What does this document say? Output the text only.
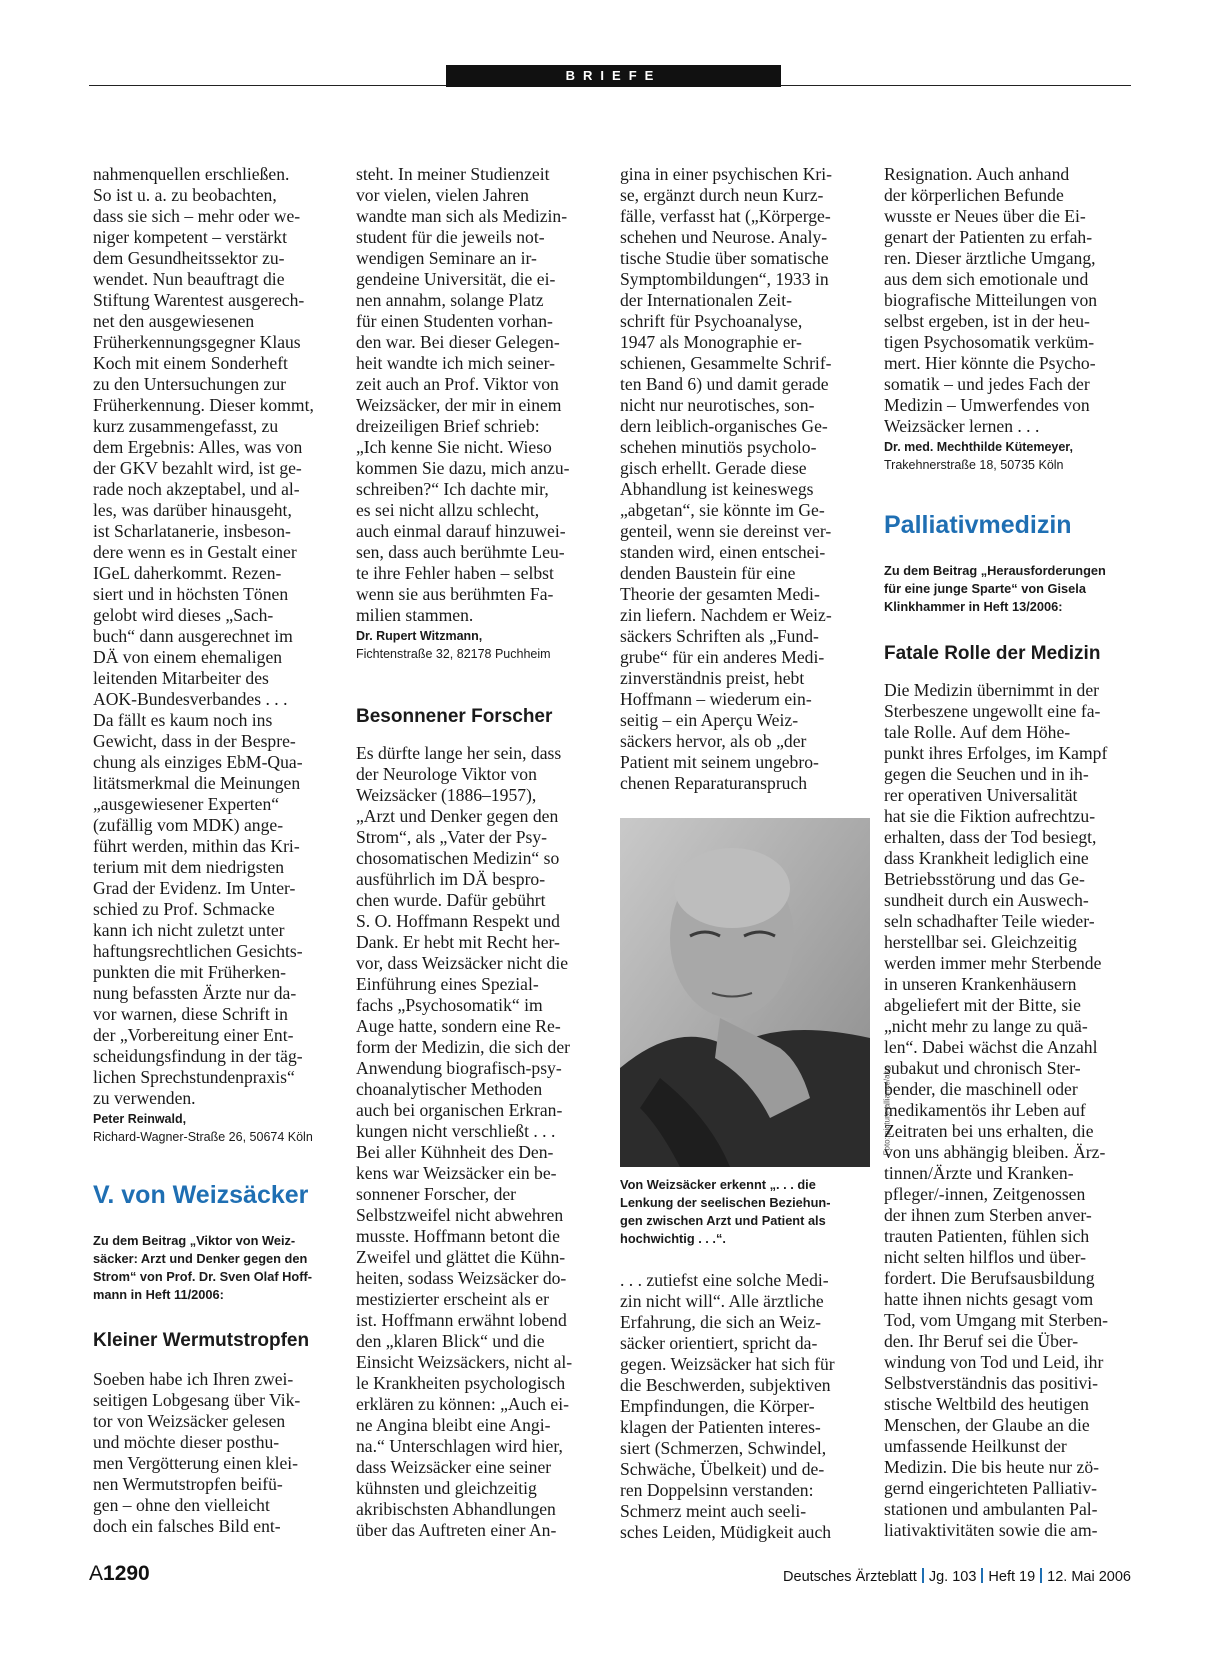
BRIEFE

nahmenquellen erschließen.
So ist u. a. zu beobachten,
dass sie sich – mehr oder we-
niger kompetent – verstärkt
dem Gesundheitssektor zu-
wendet. Nun beauftragt die
Stiftung Warentest ausgerech-
net den ausgewiesenen
Früherkennungsgegner Klaus
Koch mit einem Sonderheft
zu den Untersuchungen zur
Früherkennung. Dieser kommt,
kurz zusammengefasst, zu
dem Ergebnis: Alles, was von
der GKV bezahlt wird, ist ge-
rade noch akzeptabel, und al-
les, was darüber hinausgeht,
ist Scharlatanerie, insbeson-
dere wenn es in Gestalt einer
IGeL daherkommt. Rezen-
siert und in höchsten Tönen
gelobt wird dieses „Sach-
buch“ dann ausgerechnet im
DÄ von einem ehemaligen
leitenden Mitarbeiter des
AOK-Bundesverbandes . . .
Da fällt es kaum noch ins
Gewicht, dass in der Bespre-
chung als einziges EbM-Qua-
litätsmerkmal die Meinungen
„ausgewiesener Experten“
(zufällig vom MDK) ange-
führt werden, mithin das Kri-
terium mit dem niedrigsten
Grad der Evidenz. Im Unter-
schied zu Prof. Schmacke
kann ich nicht zuletzt unter
haftungsrechtlichen Gesichts-
punkten die mit Früherken-
nung befassten Ärzte nur da-
vor warnen, diese Schrift in
der „Vorbereitung einer Ent-
scheidungsfindung in der täg-
lichen Sprechstundenpraxis“
zu verwenden.

Peter Reinwald,

Richard-Wagner-Straße 26, 50674 Köln

V. von Weizsäcker

Zu dem Beitrag „Viktor von Weiz-
säcker: Arzt und Denker gegen den
Strom“ von Prof. Dr. Sven Olaf Hoff-
mann in Heft 11/2006:

Kleiner Wermutstropfen

Soeben habe ich Ihren zwei-
seitigen Lobgesang über Vik-
tor von Weizsäcker gelesen
und möchte dieser posthu-
men Vergötterung einen klei-
nen Wermutstropfen beifü-
gen – ohne den vielleicht
doch ein falsches Bild ent-

steht. In meiner Studienzeit
vor vielen, vielen Jahren
wandte man sich als Medizin-
student für die jeweils not-
wendigen Seminare an ir-
gendeine Universität, die ei-
nen annahm, solange Platz
für einen Studenten vorhan-
den war. Bei dieser Gelegen-
heit wandte ich mich seiner-
zeit auch an Prof. Viktor von
Weizsäcker, der mir in einem
dreizeiligen Brief schrieb:
„Ich kenne Sie nicht. Wieso
kommen Sie dazu, mich anzu-
schreiben?“ Ich dachte mir,
es sei nicht allzu schlecht,
auch einmal darauf hinzuwei-
sen, dass auch berühmte Leu-
te ihre Fehler haben – selbst
wenn sie aus berühmten Fa-
milien stammen.

Dr. Rupert Witzmann,

Fichtenstraße 32, 82178 Puchheim

Besonnener Forscher

Es dürfte lange her sein, dass
der Neurologe Viktor von
Weizsäcker (1886–1957),
„Arzt und Denker gegen den
Strom“, als „Vater der Psy-
chosomatischen Medizin“ so
ausführlich im DÄ bespro-
chen wurde. Dafür gebührt
S. O. Hoffmann Respekt und
Dank. Er hebt mit Recht her-
vor, dass Weizsäcker nicht die
Einführung eines Spezial-
fachs „Psychosomatik“ im
Auge hatte, sondern eine Re-
form der Medizin, die sich der
Anwendung biografisch-psy-
choanalytischer Methoden
auch bei organischen Erkran-
kungen nicht verschließt . . .
Bei aller Kühnheit des Den-
kens war Weizsäcker ein be-
sonnener Forscher, der
Selbstzweifel nicht abwehren
musste. Hoffmann betont die
Zweifel und glättet die Kühn-
heiten, sodass Weizsäcker do-
mestizierter erscheint als er
ist. Hoffmann erwähnt lobend
den „klaren Blick“ und die
Einsicht Weizsäckers, nicht al-
le Krankheiten psychologisch
erklären zu können: „Auch ei-
ne Angina bleibt eine Angi-
na.“ Unterschlagen wird hier,
dass Weizsäcker eine seiner
kühnsten und gleichzeitig
akribischsten Abhandlungen
über das Auftreten einer An-

gina in einer psychischen Kri-
se, ergänzt durch neun Kurz-
fälle, verfasst hat („Körperge-
schehen und Neurose. Analy-
tische Studie über somatische
Symptombildungen“, 1933 in
der Internationalen Zeit-
schrift für Psychoanalyse,
1947 als Monographie er-
schienen, Gesammelte Schrif-
ten Band 6) und damit gerade
nicht nur neurotisches, son-
dern leiblich-organisches Ge-
schehen minutiös psycholo-
gisch erhellt. Gerade diese
Abhandlung ist keineswegs
„abgetan“, sie könnte im Ge-
genteil, wenn sie dereinst ver-
standen wird, einen entschei-
denden Baustein für eine
Theorie der gesamten Medi-
zin liefern. Nachdem er Weiz-
säckers Schriften als „Fund-
grube“ für ein anderes Medi-
zinverständnis preist, hebt
Hoffmann – wiederum ein-
seitig – ein Aperçu Weiz-
säckers hervor, als ob „der
Patient mit seinem ungebro-
chenen Reparaturanspruch

Foto: picture-alliance/akg

Von Weizsäcker erkennt „. . . die
Lenkung der seelischen Beziehun-
gen zwischen Arzt und Patient als
hochwichtig . . .“.

. . . zutiefst eine solche Medi-
zin nicht will“. Alle ärztliche
Erfahrung, die sich an Weiz-
säcker orientiert, spricht da-
gegen. Weizsäcker hat sich für
die Beschwerden, subjektiven
Empfindungen, die Körper-
klagen der Patienten interes-
siert (Schmerzen, Schwindel,
Schwäche, Übelkeit) und de-
ren Doppelsinn verstanden:
Schmerz meint auch seeli-
sches Leiden, Müdigkeit auch

Resignation. Auch anhand
der körperlichen Befunde
wusste er Neues über die Ei-
genart der Patienten zu erfah-
ren. Dieser ärztliche Umgang,
aus dem sich emotionale und
biografische Mitteilungen von
selbst ergeben, ist in der heu-
tigen Psychosomatik verküm-
mert. Hier könnte die Psycho-
somatik – und jedes Fach der
Medizin – Umwerfendes von
Weizsäcker lernen . . .

Dr. med. Mechthilde Kütemeyer,

Trakehnerstraße 18, 50735 Köln

Palliativmedizin

Zu dem Beitrag „Herausforderungen
für eine junge Sparte“ von Gisela
Klinkhammer in Heft 13/2006:

Fatale Rolle der Medizin

Die Medizin übernimmt in der
Sterbeszene ungewollt eine fa-
tale Rolle. Auf dem Höhe-
punkt ihres Erfolges, im Kampf
gegen die Seuchen und in ih-
rer operativen Universalität
hat sie die Fiktion aufrechtzu-
erhalten, dass der Tod besiegt,
dass Krankheit lediglich eine
Betriebsstörung und das Ge-
sundheit durch ein Auswech-
seln schadhafter Teile wieder-
herstellbar sei. Gleichzeitig
werden immer mehr Sterbende
in unseren Krankenhäusern
abgeliefert mit der Bitte, sie
„nicht mehr zu lange zu quä-
len“. Dabei wächst die Anzahl
subakut und chronisch Ster-
bender, die maschinell oder
medikamentös ihr Leben auf
Zeitraten bei uns erhalten, die
von uns abhängig bleiben. Ärz-
tinnen/Ärzte und Kranken-
pfleger/-innen, Zeitgenossen
der ihnen zum Sterben anver-
trauten Patienten, fühlen sich
nicht selten hilflos und über-
fordert. Die Berufsausbildung
hatte ihnen nichts gesagt vom
Tod, vom Umgang mit Sterben-
den. Ihr Beruf sei die Über-
windung von Tod und Leid, ihr
Selbstverständnis das positivi-
stische Weltbild des heutigen
Menschen, der Glaube an die
umfassende Heilkunst der
Medizin. Die bis heute nur zö-
gernd eingerichteten Palliativ-
stationen und ambulanten Pal-
liativaktivitäten sowie die am-

A1290	Deutsches Ärzteblatt Jg. 103 Heft 19 12. Mai 2006
